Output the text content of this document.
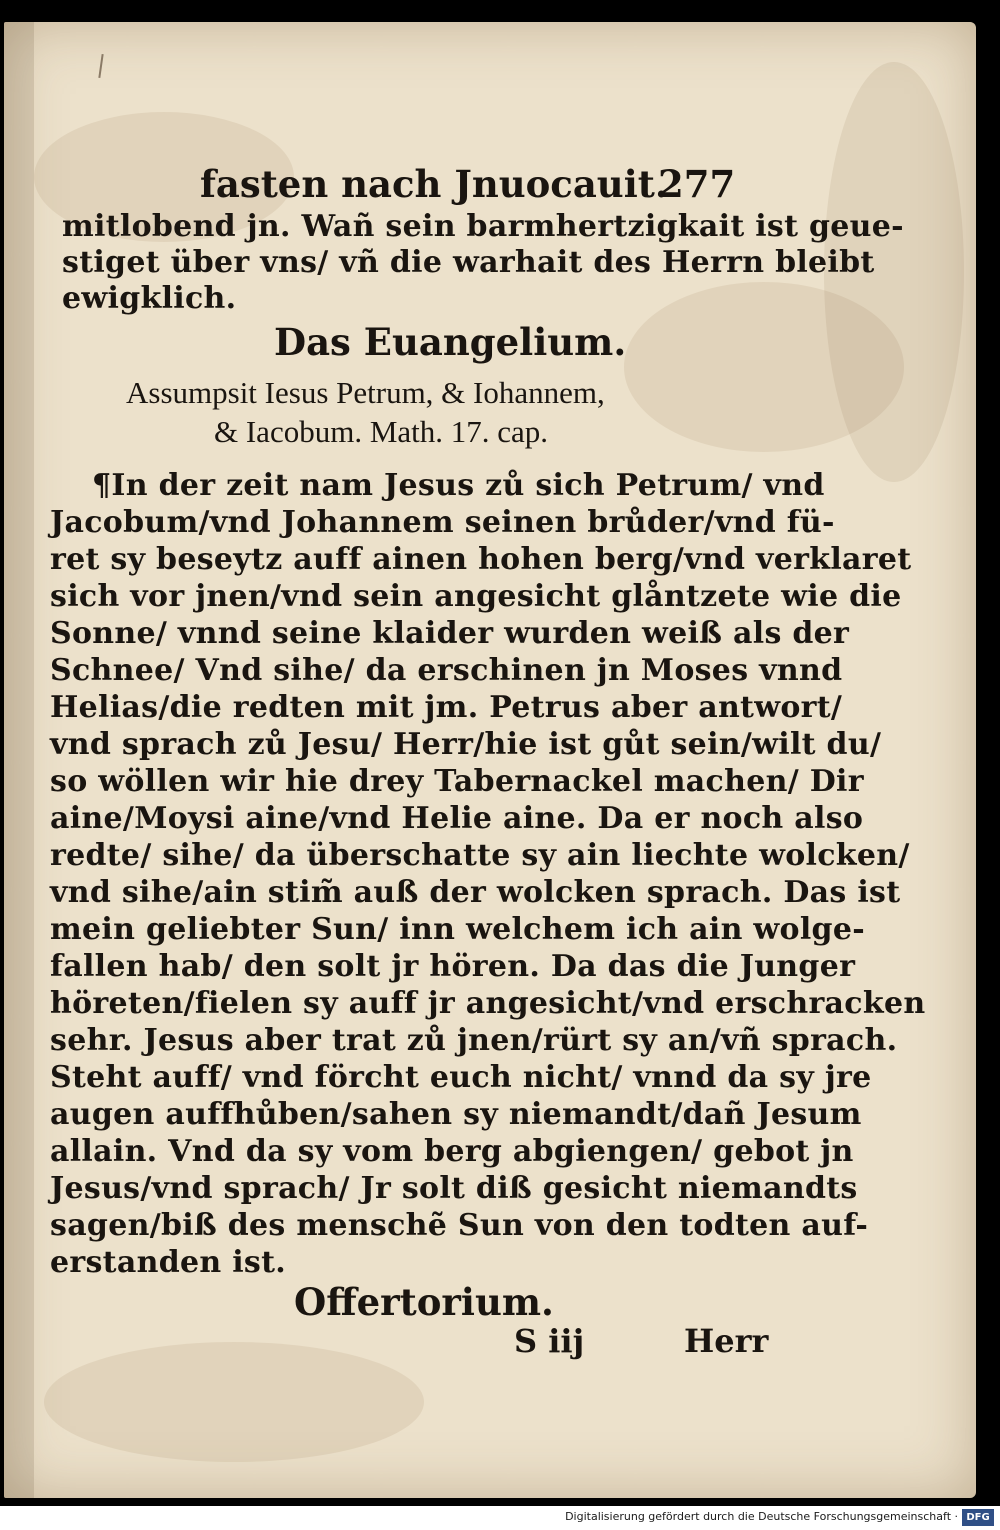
fasten nach Jnuocauit.

277

mitlobend jn. Wañ sein barmhertzigkait ist geue-

stiget über vns/ vñ die warhait des Herrn bleibt

ewigklich.

Das Euangelium.

Assumpsit Iesus Petrum, & Iohannem,

& Iacobum. Math. 17. cap.

¶In der zeit nam Jesus zů sich Petrum/ vnd

Jacobum/vnd Johannem seinen brůder/vnd fü-

ret sy beseytz auff ainen hohen berg/vnd verklaret

sich vor jnen/vnd sein angesicht glåntzete wie die

Sonne/ vnnd seine klaider wurden weiß als der

Schnee/ Vnd sihe/ da erschinen jn Moses vnnd

Helias/die redten mit jm. Petrus aber antwort/

vnd sprach zů Jesu/ Herr/hie ist gůt sein/wilt du/

so wöllen wir hie drey Tabernackel machen/ Dir

aine/Moysi aine/vnd Helie aine. Da er noch also

redte/ sihe/ da überschatte sy ain liechte wolcken/

vnd sihe/ain stim̃ auß der wolcken sprach. Das ist

mein geliebter Sun/ inn welchem ich ain wolge-

fallen hab/ den solt jr hören. Da das die Junger

höreten/fielen sy auff jr angesicht/vnd erschracken

sehr. Jesus aber trat zů jnen/rürt sy an/vñ sprach.

Steht auff/ vnd förcht euch nicht/ vnnd da sy jre

augen auffhůben/sahen sy niemandt/dañ Jesum

allain. Vnd da sy vom berg abgiengen/ gebot jn

Jesus/vnd sprach/ Jr solt diß gesicht niemandts

sagen/biß des menschẽ Sun von den todten auf-

erstanden ist.

Offertorium.

S iij	Herr

Digitalisierung gefördert durch die Deutsche Forschungsgemeinschaft · DFG
